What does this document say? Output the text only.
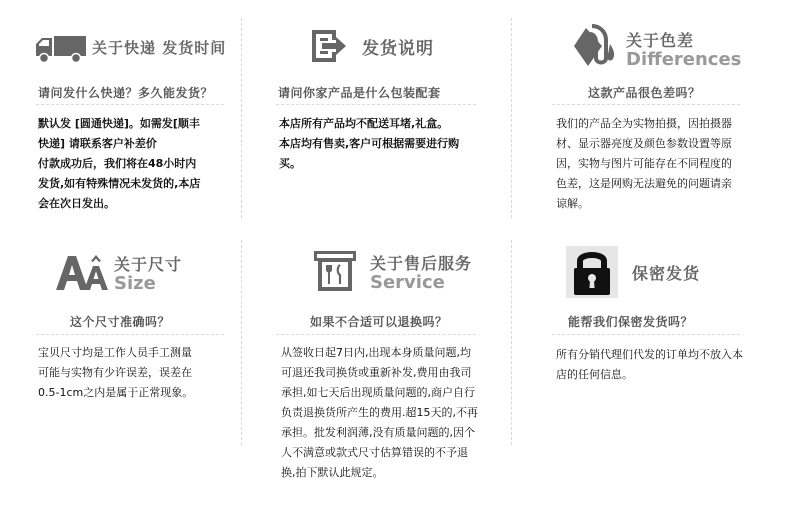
关于快递 发货时间
请问发什么快递？多久能发货？

默认发 [圆通快递]。如需发[顺丰

快递] 请联系客户补差价

付款成功后，我们将在48小时内

发货,如有特殊情况未发货的,本店

会在次日发出。

发货说明
请问你家产品是什么包装配套

本店所有产品均不配送耳堵,礼盒。

本店均有售卖,客户可根据需要进行购

买。

关于色差
Differences
这款产品很色差吗？

我们的产品全为实物拍摄，因拍摄器

材、显示器亮度及颜色参数设置等原

因，实物与图片可能存在不同程度的

色差，这是网购无法避免的问题请亲

谅解。

关于尺寸
Size
这个尺寸准确吗？

宝贝尺寸均是工作人员手工测量

可能与实物有少许误差，误差在

0.5-1cm之内是属于正常现象。

关于售后服务
Service
如果不合适可以退换吗？

从签收日起7日内,出现本身质量问题,均

可退还我司换货或重新补发,费用由我司

承担,如七天后出现质量问题的,商户自行

负责退换货所产生的费用.超15天的,不再

承担。批发利润薄,没有质量问题的,因个

人不满意或款式尺寸估算错误的不予退

换,拍下默认此规定。

保密发货
能帮我们保密发货吗？

所有分销代理们代发的订单均不放入本

店的任何信息。
